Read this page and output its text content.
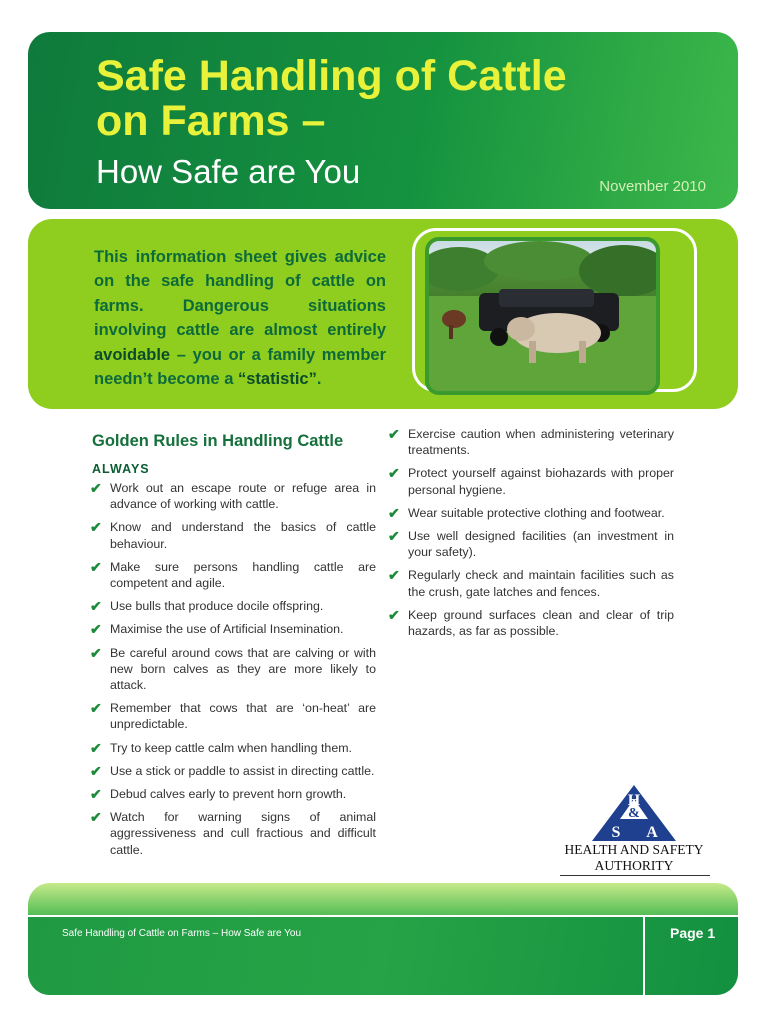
Safe Handling of Cattle
on Farms –
How Safe are You	November 2010
This information sheet gives advice on the safe handling of cattle on farms. Dangerous situations involving cattle are almost entirely avoidable – you or a family member needn’t become a “statistic”.
Golden Rules in Handling Cattle
ALWAYS
✔ Work out an escape route or refuge area in advance of working with cattle.
✔ Know and understand the basics of cattle behaviour.
✔ Make sure persons handling cattle are competent and agile.
✔ Use bulls that produce docile offspring.
✔ Maximise the use of Artificial Insemination.
✔ Be careful around cows that are calving or with new born calves as they are more likely to attack.
✔ Remember that cows that are ‘on-heat’ are unpredictable.
✔ Try to keep cattle calm when handling them.
✔ Use a stick or paddle to assist in directing cattle.
✔ Debud calves early to prevent horn growth.
✔ Watch for warning signs of animal aggressiveness and cull fractious and difficult cattle.
✔ Exercise caution when administering veterinary treatments.
✔ Protect yourself against biohazards with proper personal hygiene.
✔ Wear suitable protective clothing and footwear.
✔ Use well designed facilities (an investment in your safety).
✔ Regularly check and maintain facilities such as the crush, gate latches and fences.
✔ Keep ground surfaces clean and clear of trip hazards, as far as possible.
H
&
S A
HEALTH AND SAFETY
AUTHORITY
Safe Handling of Cattle on Farms – How Safe are You	Page 1
